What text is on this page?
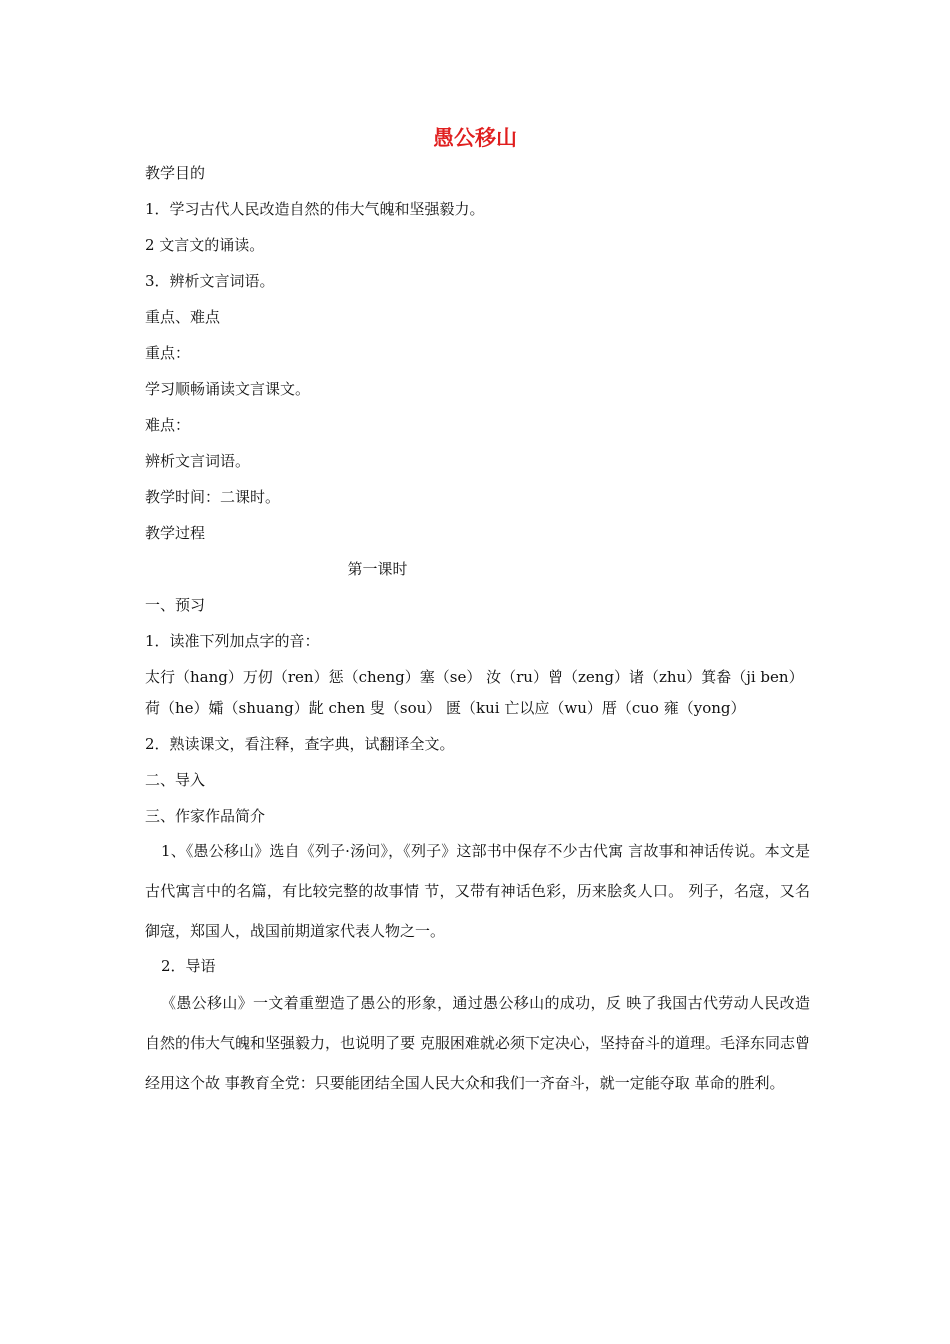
愚公移山
教学目的
1．学习古代人民改造自然的伟大气魄和坚强毅力。
2 文言文的诵读。
3．辨析文言词语。
重点、难点
重点：
学习顺畅诵读文言课文。
难点：
辨析文言词语。
教学时间：二课时。
教学过程
第一课时
一、预习
1．读准下列加点字的音：
太行（hang）万仞（ren）惩（cheng）塞（se） 汝（ru）曾（zeng）诸（zhu）箕畚（ji ben）
荷（he）孀（shuang）龀 chen 叟（sou） 匮（kui 亡以应（wu）厝（cuo 雍（yong）
2．熟读课文，看注释，查字典，试翻译全文。
二、导入
三、作家作品简介

1、《愚公移山》选自《列子·汤问》，《列子》这部书中保存不少古代寓 言故事和神话传说。本文是古代寓言中的名篇，有比较完整的故事情 节，又带有神话色彩，历来脍炙人口。 列子，名寇，又名御寇，郑国人，战国前期道家代表人物之一。

2．导语

《愚公移山》一文着重塑造了愚公的形象，通过愚公移山的成功，反 映了我国古代劳动人民改造自然的伟大气魄和坚强毅力，也说明了要 克服困难就必须下定决心，坚持奋斗的道理。毛泽东同志曾经用这个故 事教育全党：只要能团结全国人民大众和我们一齐奋斗，就一定能夺取 革命的胜利。
